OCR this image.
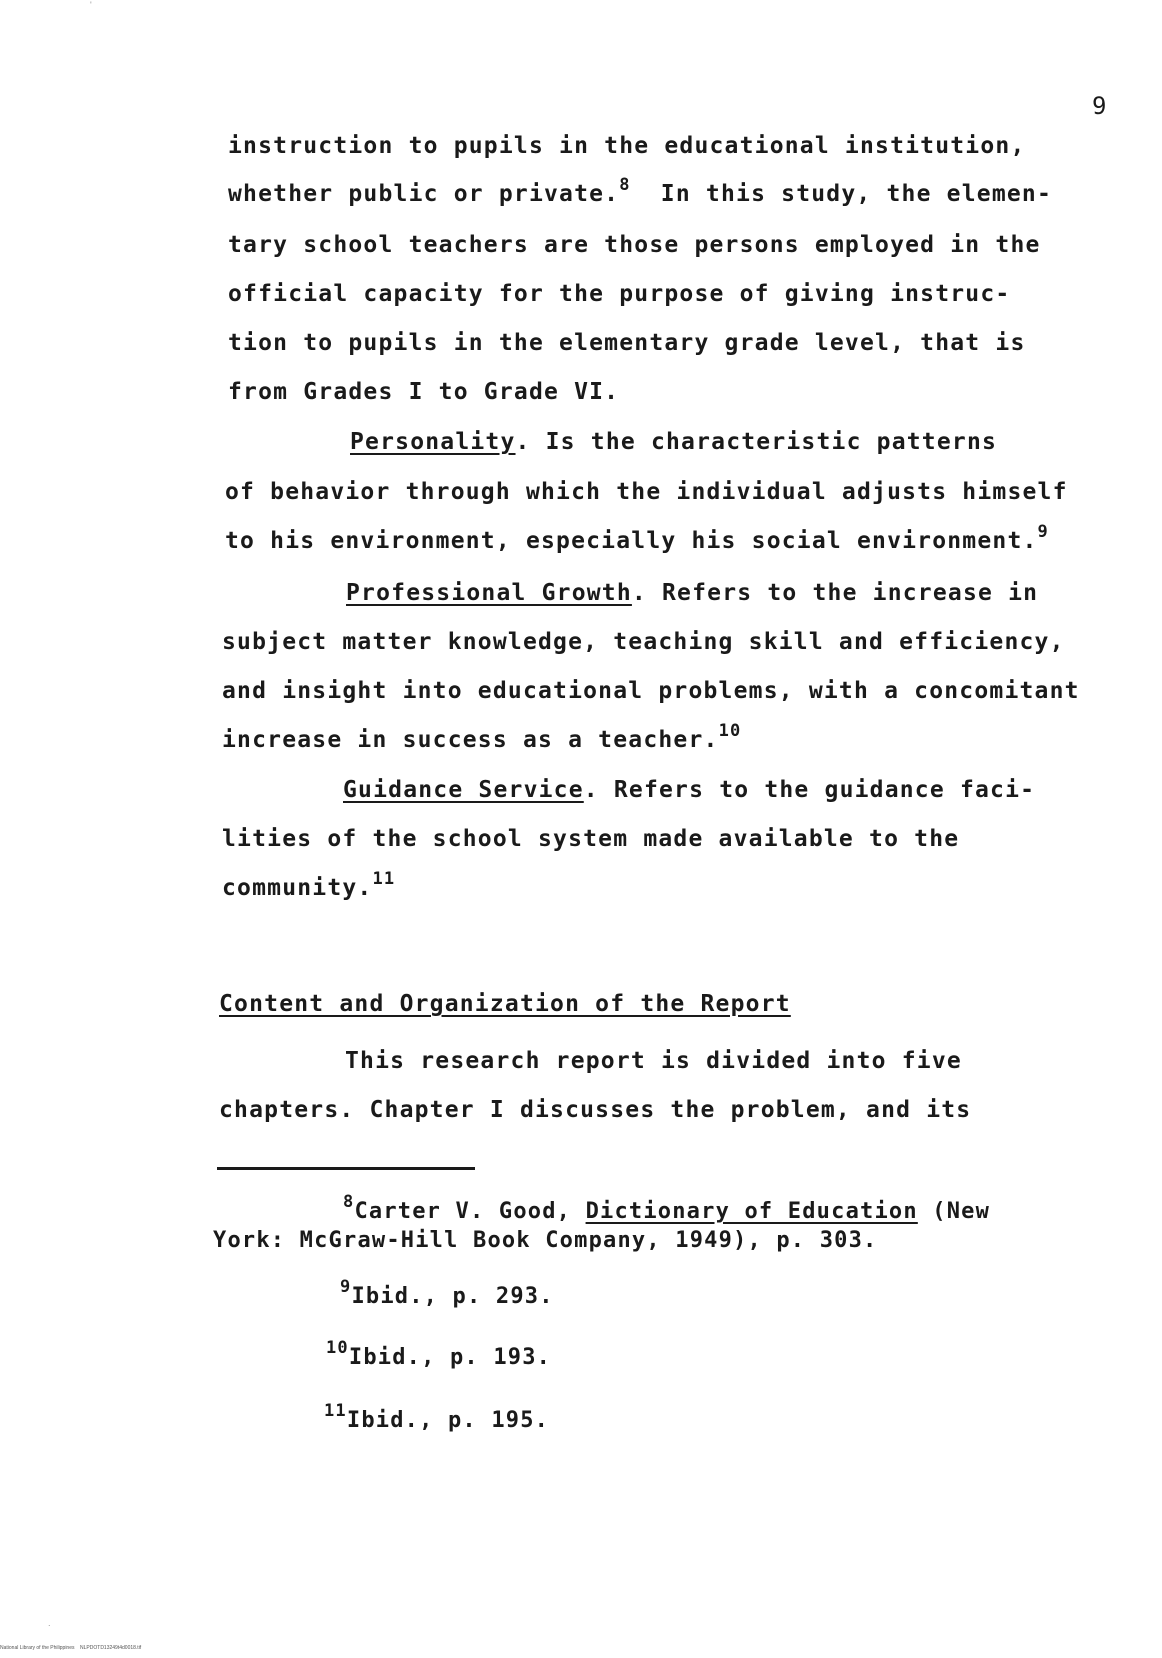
9
instruction to pupils in the educational institution,
whether public or private.$^8$ In this study, the elemen-
tary school teachers are those persons employed in the
official capacity for the purpose of giving instruc-
tion to pupils in the elementary grade level, that is
from Grades I to Grade VI.
Personality. Is the characteristic patterns
of behavior through which the individual adjusts himself
to his environment, especially his social environment.$^9$
Professional Growth. Refers to the increase in
subject matter knowledge, teaching skill and efficiency,
and insight into educational problems, with a concomitant
increase in success as a teacher.$^{10}$
Guidance Service. Refers to the guidance faci-
lities of the school system made available to the
community.$^{11}$
Content and Organization of the Report
This research report is divided into five
chapters. Chapter I discusses the problem, and its
$^8$Carter V. Good, Dictionary of Education (New
York: McGraw-Hill Book Company, 1949), p. 303.
$^9$Ibid., p. 293.
$^{10}$Ibid., p. 193.
$^{11}$Ibid., p. 195.
'
.
National Library of the Philippines    NLPDOTD13249t4d0018.tif
